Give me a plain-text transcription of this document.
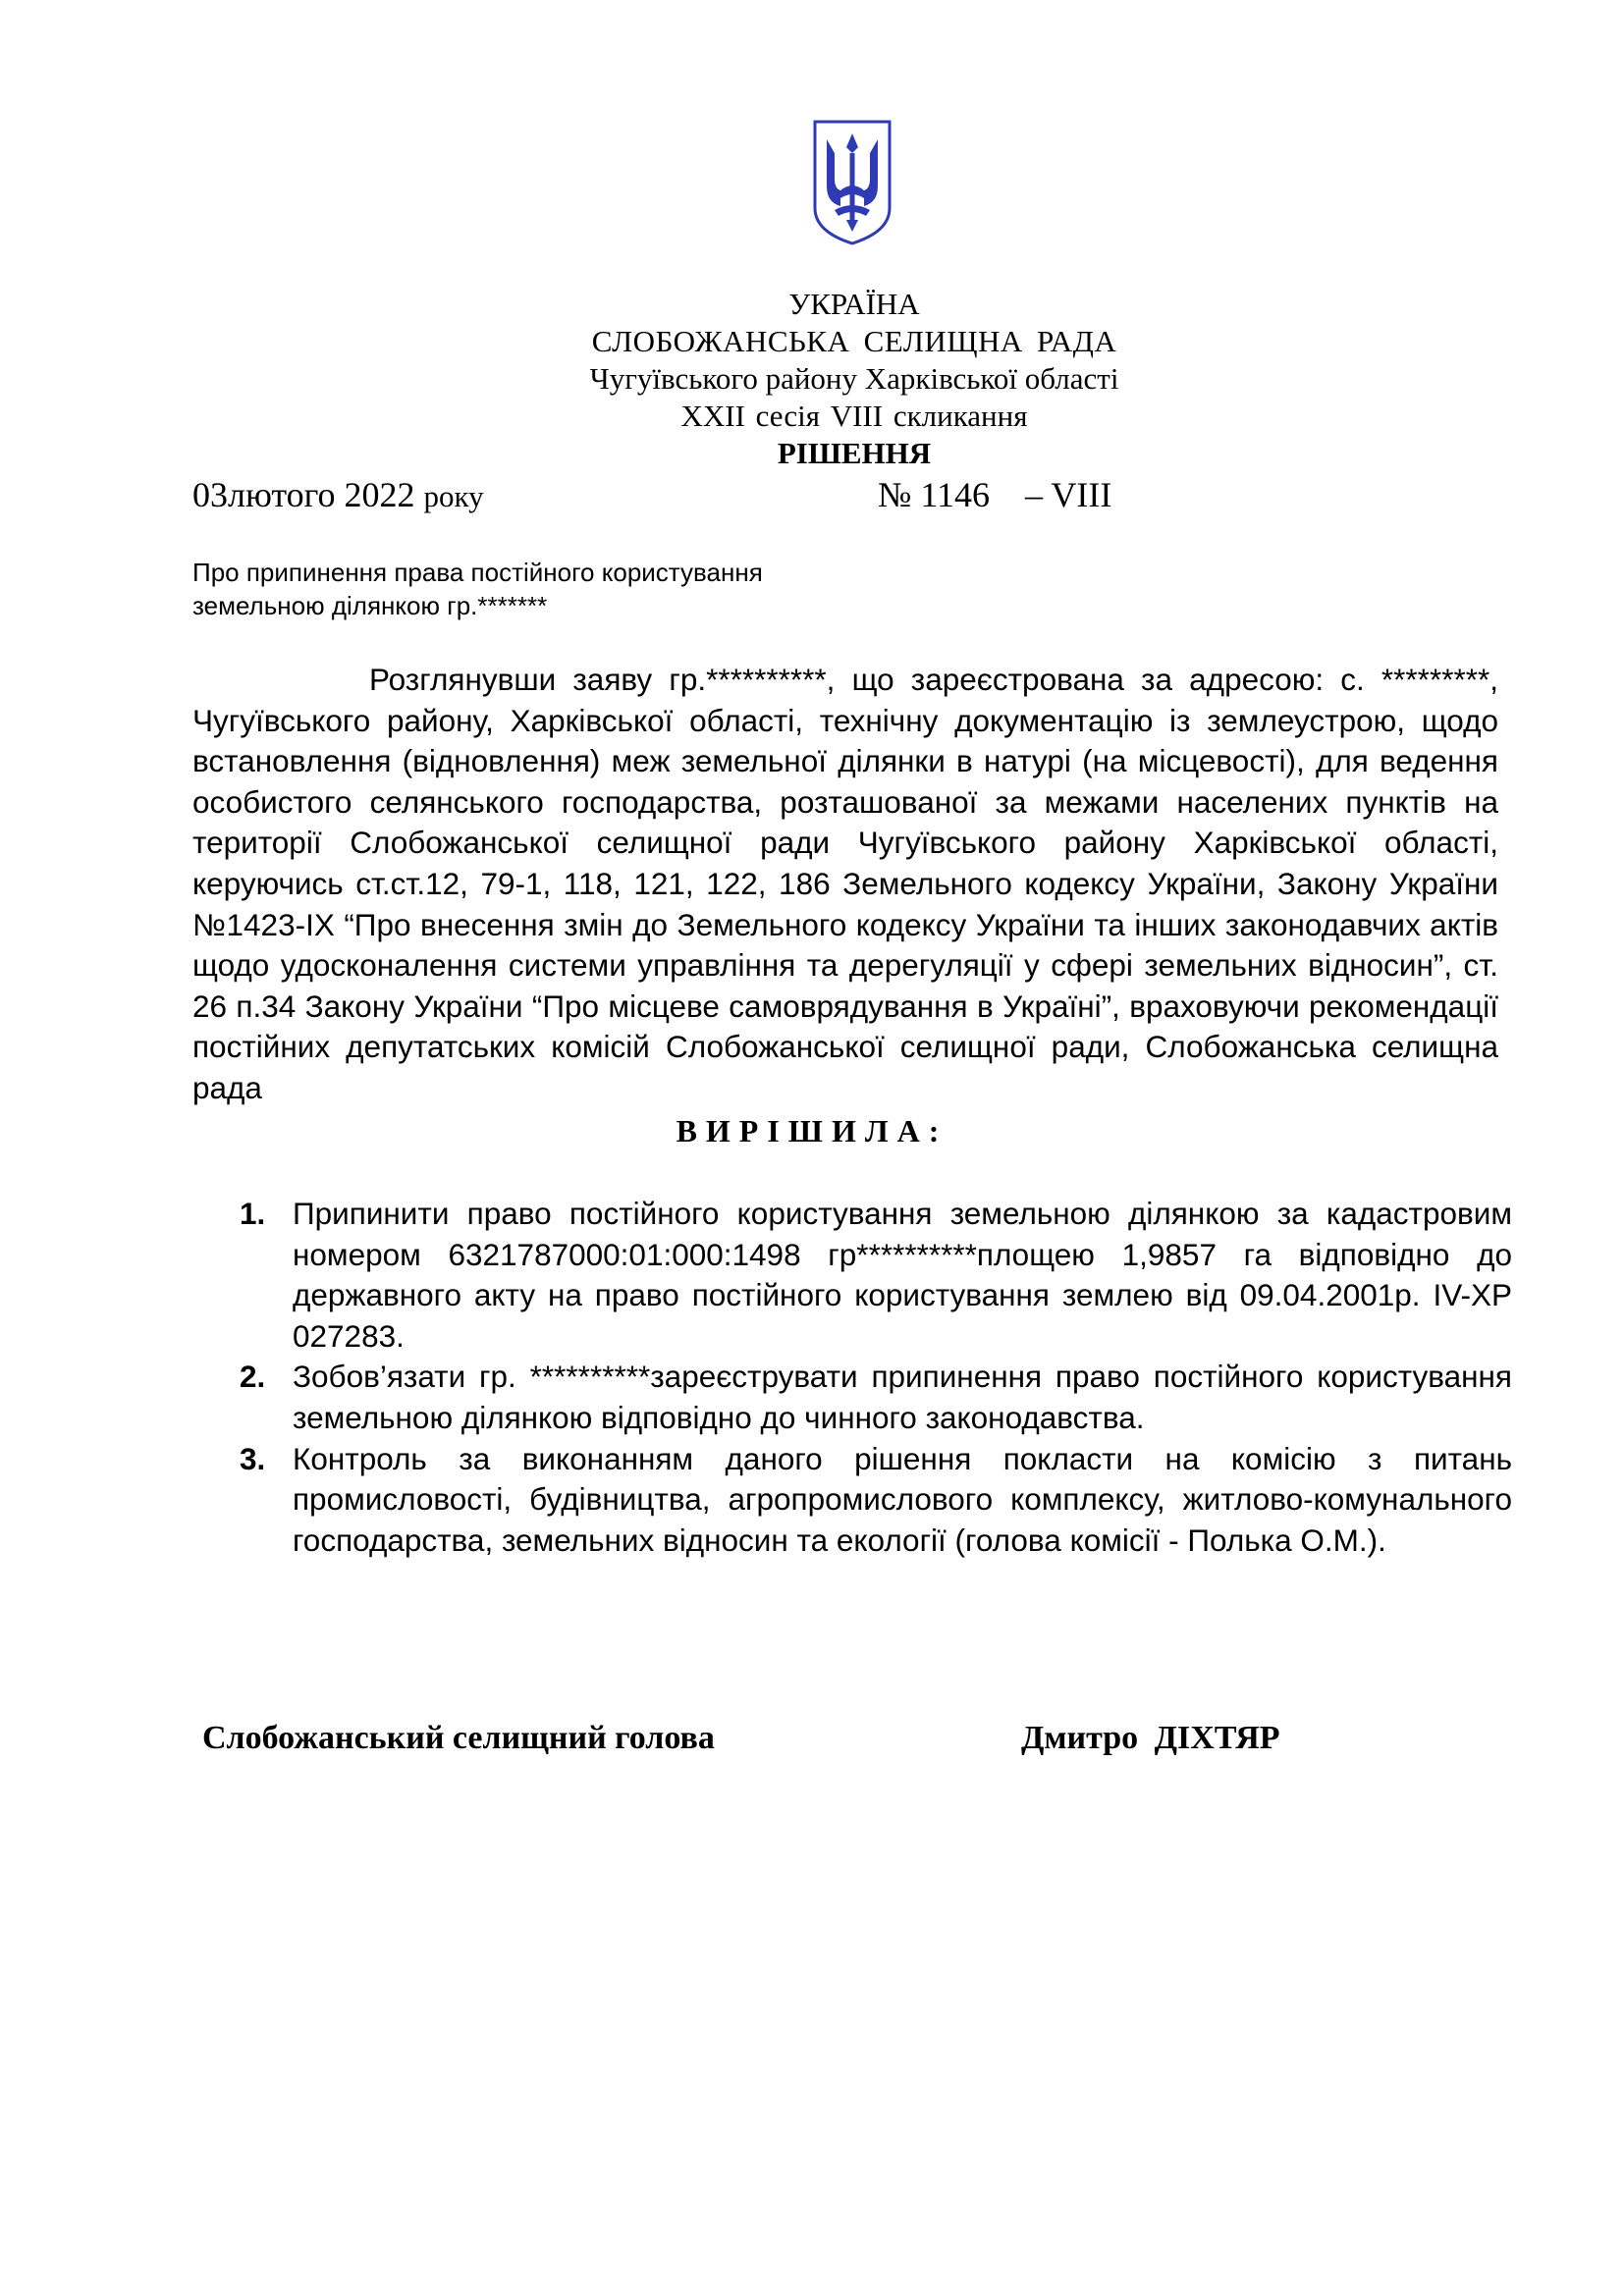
УКРАЇНА
СЛОБОЖАНСЬКА СЕЛИЩНА РАДА
Чугуївського району Харківської області
XXII сесія VIII скликання
РІШЕННЯ
03лютого 2022 року	№ 1146    – VIII
Про припинення права постійного користування
земельною ділянкою гр.*******
Розглянувши заяву гр.**********, що зареєстрована за адресою: с. *********, Чугуївського району, Харківської області, технічну документацію із землеустрою, щодо встановлення (відновлення) меж земельної ділянки в натурі (на місцевості), для ведення особистого селянського господарства, розташованої за межами населених пунктів на території Слобожанської селищної ради Чугуївського району Харківської області, керуючись ст.ст.12, 79-1, 118, 121, 122, 186 Земельного кодексу України, Закону України №1423-IX “Про внесення змін до Земельного кодексу України та інших законодавчих актів щодо удосконалення системи управління та дерегуляції у сфері земельних відносин”, ст. 26 п.34 Закону України “Про місцеве самоврядування в Україні”, враховуючи рекомендації постійних депутатських комісій Слобожанської селищної ради, Слобожанська селищна рада
ВИРІШИЛА:
1. Припинити право постійного користування земельною ділянкою за кадастровим номером 6321787000:01:000:1498 гр**********площею 1,9857 га відповідно до державного акту на право постійного користування землею від 09.04.2001р. IV-ХР 027283.
2. Зобов’язати гр. **********зареєструвати припинення право постійного користування земельною ділянкою відповідно до чинного законодавства.
3. Контроль за виконанням даного рішення покласти на комісію з питань промисловості, будівництва, агропромислового комплексу, житлово-комунального господарства, земельних відносин та екології (голова комісії - Полька О.М.).
Слобожанський селищний голова	Дмитро ДІХТЯР
